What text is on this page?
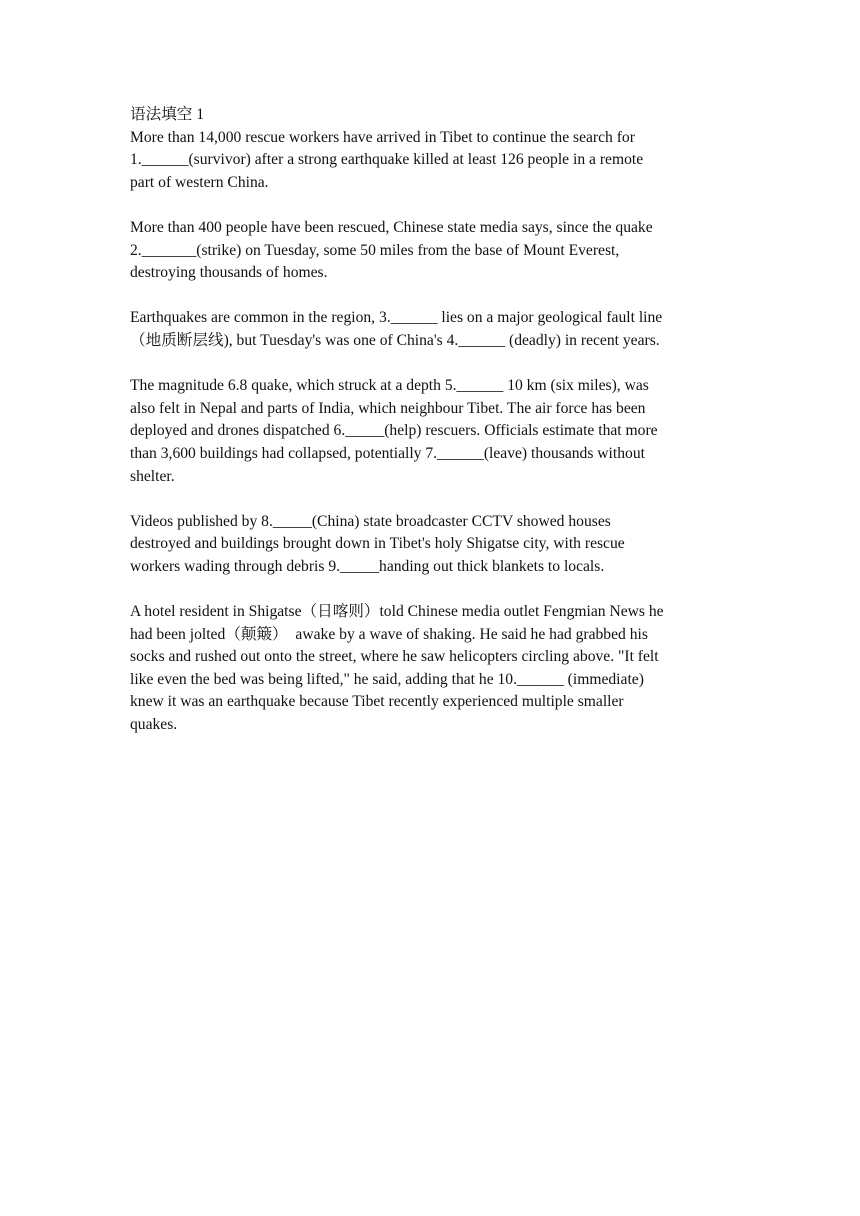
语法填空 1

More than 14,000 rescue workers have arrived in Tibet to continue the search for
1.______(survivor) after a strong earthquake killed at least 126 people in a remote
part of western China.

More than 400 people have been rescued, Chinese state media says, since the quake
2._______(strike) on Tuesday, some 50 miles from the base of Mount Everest,
destroying thousands of homes.

Earthquakes are common in the region, 3.______ lies on a major geological fault line
（地质断层线), but Tuesday's was one of China's 4.______ (deadly) in recent years.

The magnitude 6.8 quake, which struck at a depth 5.______ 10 km (six miles), was
also felt in Nepal and parts of India, which neighbour Tibet. The air force has been
deployed and drones dispatched 6._____(help) rescuers. Officials estimate that more
than 3,600 buildings had collapsed, potentially 7.______(leave) thousands without
shelter.

Videos published by 8._____(China) state broadcaster CCTV showed houses
destroyed and buildings brought down in Tibet's holy Shigatse city, with rescue
workers wading through debris 9._____handing out thick blankets to locals.

A hotel resident in Shigatse（日喀则）told Chinese media outlet Fengmian News he
had been jolted（颠簸）  awake by a wave of shaking. He said he had grabbed his
socks and rushed out onto the street, where he saw helicopters circling above. "It felt
like even the bed was being lifted," he said, adding that he 10.______ (immediate)
knew it was an earthquake because Tibet recently experienced multiple smaller
quakes.
